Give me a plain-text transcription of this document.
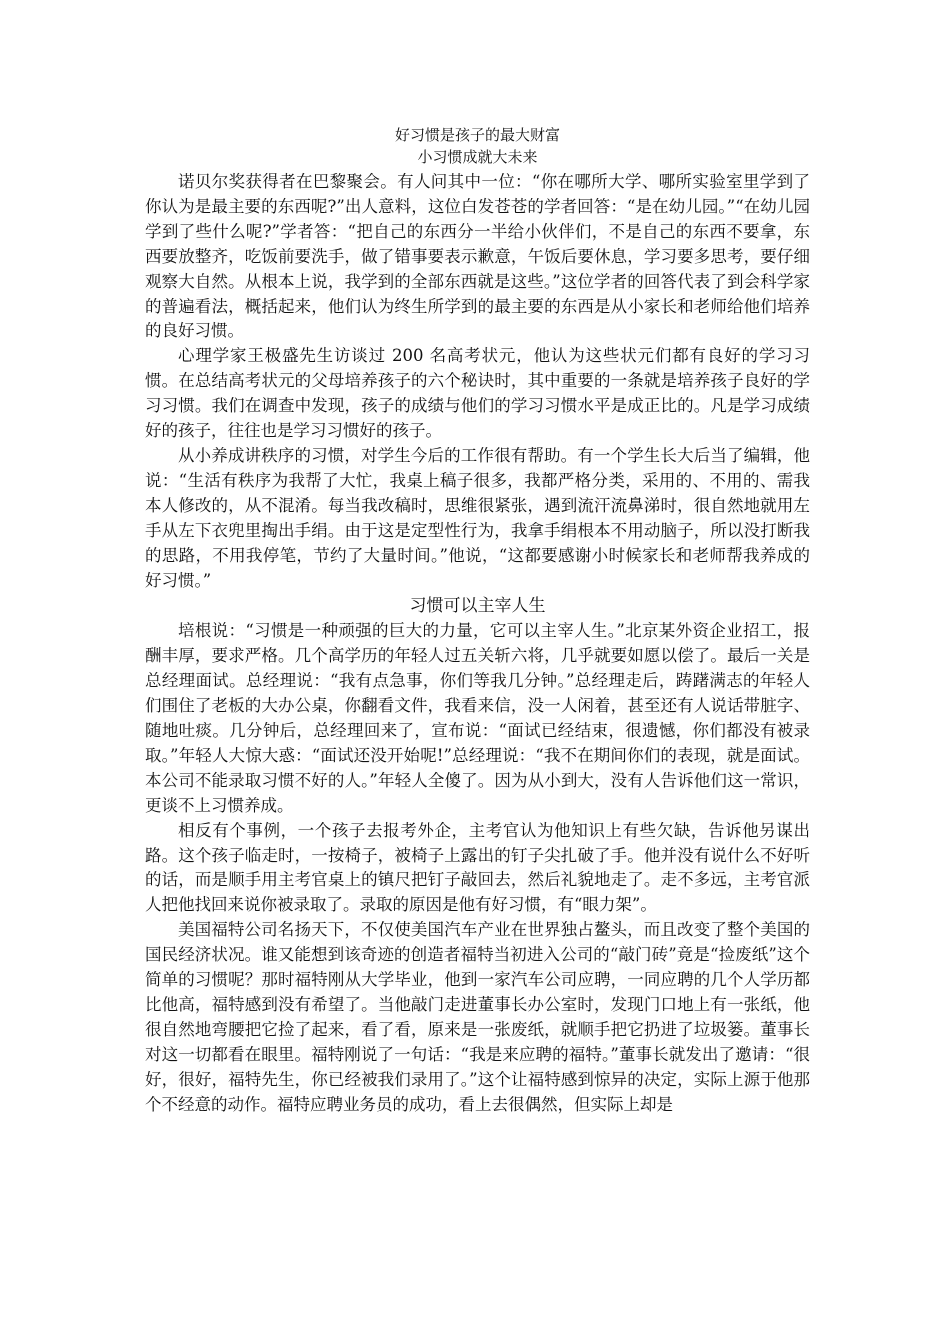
好习惯是孩子的最大财富
小习惯成就大未来

诺贝尔奖获得者在巴黎聚会。有人问其中一位：“你在哪所大学、哪所实验室里学到了你认为是最主要的东西呢?”出人意料，这位白发苍苍的学者回答：“是在幼儿园。”“在幼儿园学到了些什么呢?”学者答：“把自己的东西分一半给小伙伴们，不是自己的东西不要拿，东西要放整齐，吃饭前要洗手，做了错事要表示歉意，午饭后要休息，学习要多思考，要仔细观察大自然。从根本上说，我学到的全部东西就是这些。”这位学者的回答代表了到会科学家的普遍看法，概括起来，他们认为终生所学到的最主要的东西是从小家长和老师给他们培养的良好习惯。

心理学家王极盛先生访谈过 200 名高考状元，他认为这些状元们都有良好的学习习惯。在总结高考状元的父母培养孩子的六个秘诀时，其中重要的一条就是培养孩子良好的学习习惯。我们在调查中发现，孩子的成绩与他们的学习习惯水平是成正比的。凡是学习成绩好的孩子，往往也是学习习惯好的孩子。

从小养成讲秩序的习惯，对学生今后的工作很有帮助。有一个学生长大后当了编辑，他说：“生活有秩序为我帮了大忙，我桌上稿子很多，我都严格分类，采用的、不用的、需我本人修改的，从不混淆。每当我改稿时，思维很紧张，遇到流汗流鼻涕时，很自然地就用左手从左下衣兜里掏出手绢。由于这是定型性行为，我拿手绢根本不用动脑子，所以没打断我的思路，不用我停笔，节约了大量时间。”他说，“这都要感谢小时候家长和老师帮我养成的好习惯。”

习惯可以主宰人生

培根说：“习惯是一种顽强的巨大的力量，它可以主宰人生。”北京某外资企业招工，报酬丰厚，要求严格。几个高学历的年轻人过五关斩六将，几乎就要如愿以偿了。最后一关是总经理面试。总经理说：“我有点急事，你们等我几分钟。”总经理走后，踌躇满志的年轻人们围住了老板的大办公桌，你翻看文件，我看来信，没一人闲着，甚至还有人说话带脏字、随地吐痰。几分钟后，总经理回来了，宣布说：“面试已经结束，很遗憾，你们都没有被录取。”年轻人大惊大惑：“面试还没开始呢!”总经理说：“我不在期间你们的表现，就是面试。本公司不能录取习惯不好的人。”年轻人全傻了。因为从小到大，没有人告诉他们这一常识，更谈不上习惯养成。

相反有个事例，一个孩子去报考外企，主考官认为他知识上有些欠缺，告诉他另谋出路。这个孩子临走时，一按椅子，被椅子上露出的钉子尖扎破了手。他并没有说什么不好听的话，而是顺手用主考官桌上的镇尺把钉子敲回去，然后礼貌地走了。走不多远，主考官派人把他找回来说你被录取了。录取的原因是他有好习惯，有“眼力架”。

美国福特公司名扬天下，不仅使美国汽车产业在世界独占鳌头，而且改变了整个美国的国民经济状况。谁又能想到该奇迹的创造者福特当初进入公司的“敲门砖”竟是“捡废纸”这个简单的习惯呢？那时福特刚从大学毕业，他到一家汽车公司应聘，一同应聘的几个人学历都比他高，福特感到没有希望了。当他敲门走进董事长办公室时，发现门口地上有一张纸，他很自然地弯腰把它捡了起来，看了看，原来是一张废纸，就顺手把它扔进了垃圾篓。董事长对这一切都看在眼里。福特刚说了一句话：“我是来应聘的福特。”董事长就发出了邀请：“很好，很好，福特先生，你已经被我们录用了。”这个让福特感到惊异的决定，实际上源于他那个不经意的动作。福特应聘业务员的成功，看上去很偶然，但实际上却是
